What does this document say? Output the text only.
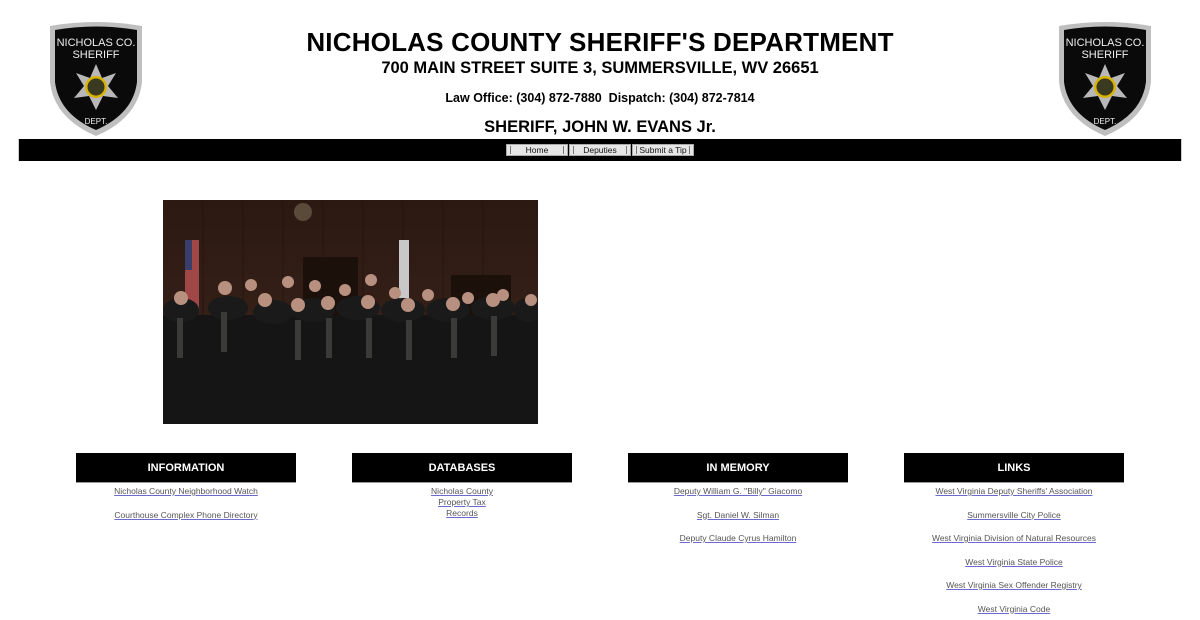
NICHOLAS CO.
SHERIFF
DEPT.
NICHOLAS COUNTY SHERIFF'S DEPARTMENT
700 MAIN STREET SUITE 3, SUMMERSVILLE, WV 26651
Law Office: (304) 872-7880  Dispatch: (304) 872-7814
SHERIFF, JOHN W. EVANS Jr.
NICHOLAS CO.
SHERIFF
DEPT.
Home	Deputies	Submit a Tip
INFORMATION
Nicholas County Neighborhood Watch
Courthouse Complex Phone Directory
DATABASES
Nicholas County
Property Tax
Records
IN MEMORY
Deputy William G. "Billy" Giacomo
Sgt. Daniel W. Silman
Deputy Claude Cyrus Hamilton
LINKS
West Virginia Deputy Sheriffs' Association
Summersville City Police
West Virginia Division of Natural Resources
West Virginia State Police
West Virginia Sex Offender Registry
West Virginia Code
